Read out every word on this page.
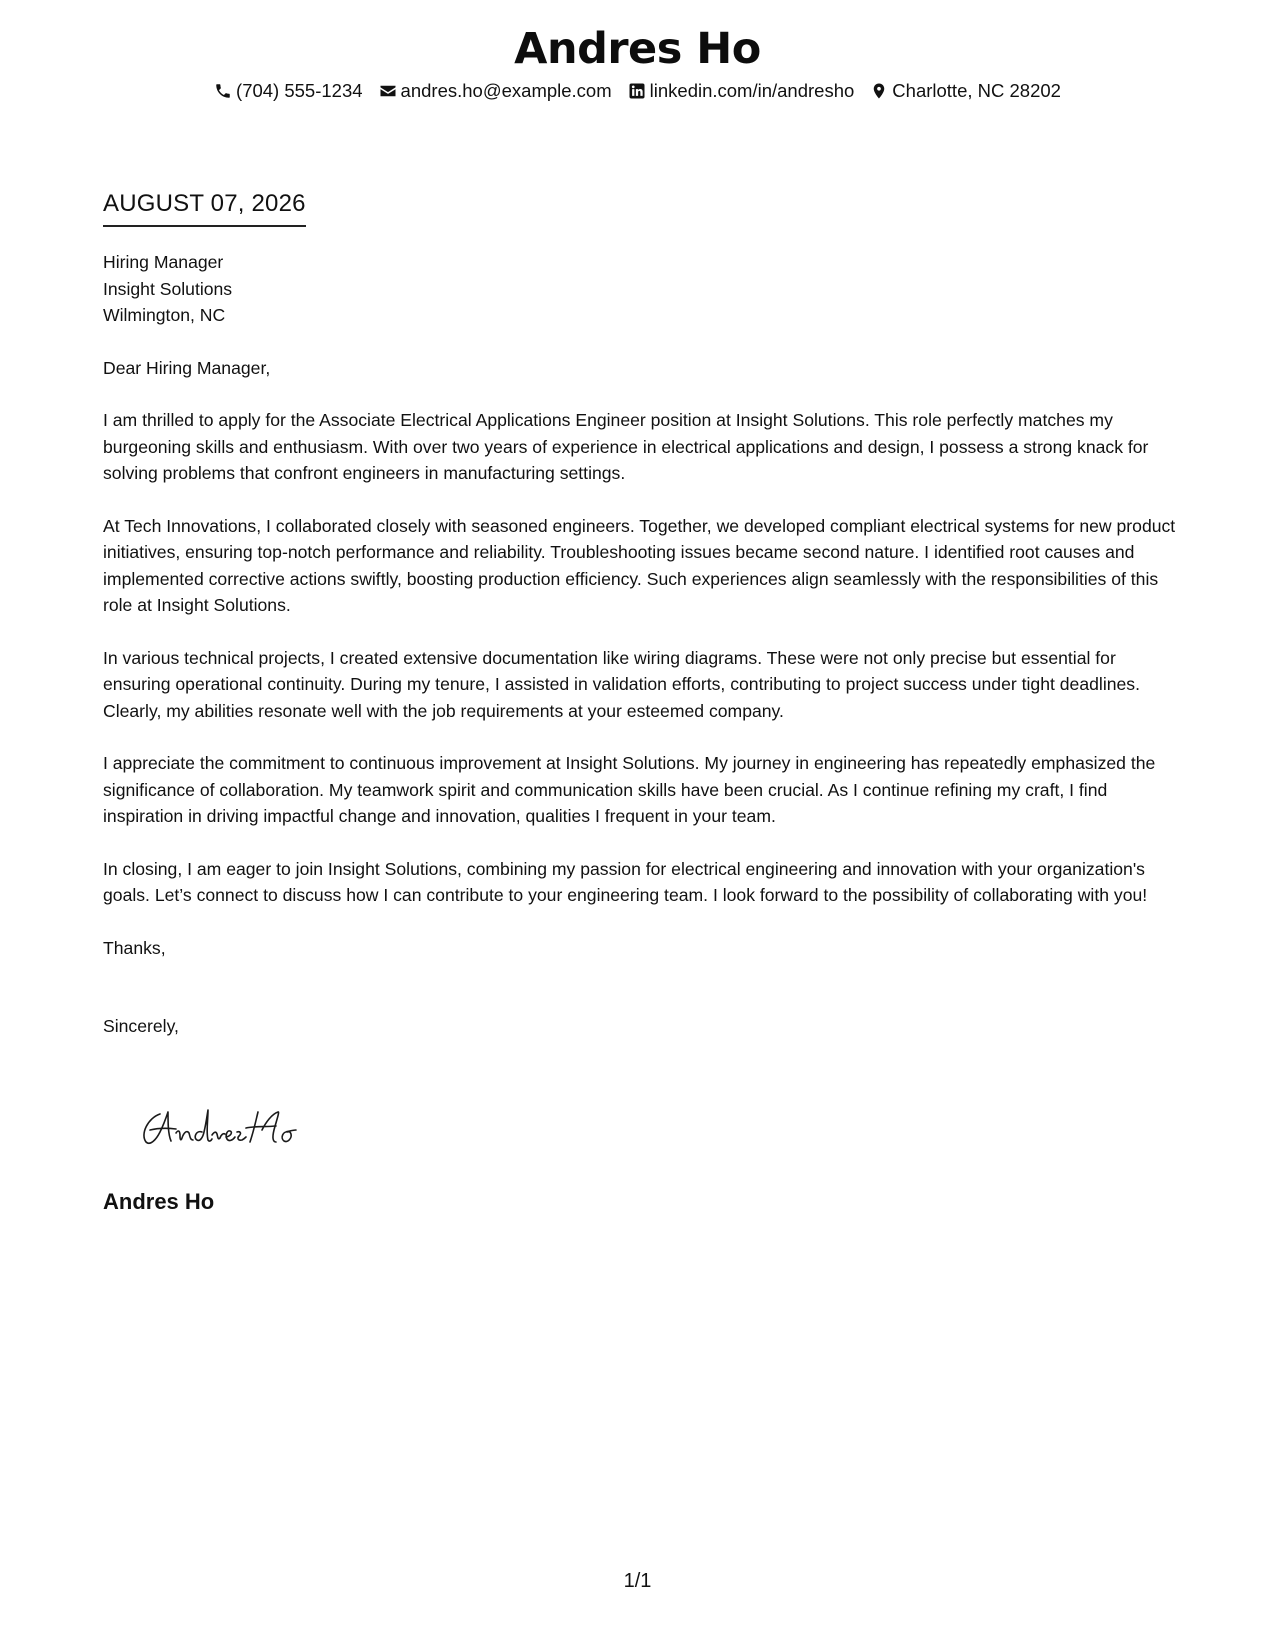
Andres Ho
(704) 555-1234 andres.ho@example.com linkedin.com/in/andresho Charlotte, NC 28202
AUGUST 07, 2026
Hiring Manager
Insight Solutions
Wilmington, NC
Dear Hiring Manager,

I am thrilled to apply for the Associate Electrical Applications Engineer position at Insight Solutions. This role perfectly matches my burgeoning skills and enthusiasm. With over two years of experience in electrical applications and design, I possess a strong knack for solving problems that confront engineers in manufacturing settings.

At Tech Innovations, I collaborated closely with seasoned engineers. Together, we developed compliant electrical systems for new product initiatives, ensuring top-notch performance and reliability. Troubleshooting issues became second nature. I identified root causes and implemented corrective actions swiftly, boosting production efficiency. Such experiences align seamlessly with the responsibilities of this role at Insight Solutions.

In various technical projects, I created extensive documentation like wiring diagrams. These were not only precise but essential for ensuring operational continuity. During my tenure, I assisted in validation efforts, contributing to project success under tight deadlines. Clearly, my abilities resonate well with the job requirements at your esteemed company.

I appreciate the commitment to continuous improvement at Insight Solutions. My journey in engineering has repeatedly emphasized the significance of collaboration. My teamwork spirit and communication skills have been crucial. As I continue refining my craft, I find inspiration in driving impactful change and innovation, qualities I frequent in your team.

In closing, I am eager to join Insight Solutions, combining my passion for electrical engineering and innovation with your organization's goals. Let’s connect to discuss how I can contribute to your engineering team. I look forward to the possibility of collaborating with you!

Thanks,
Sincerely,
Andres Ho
1/1
